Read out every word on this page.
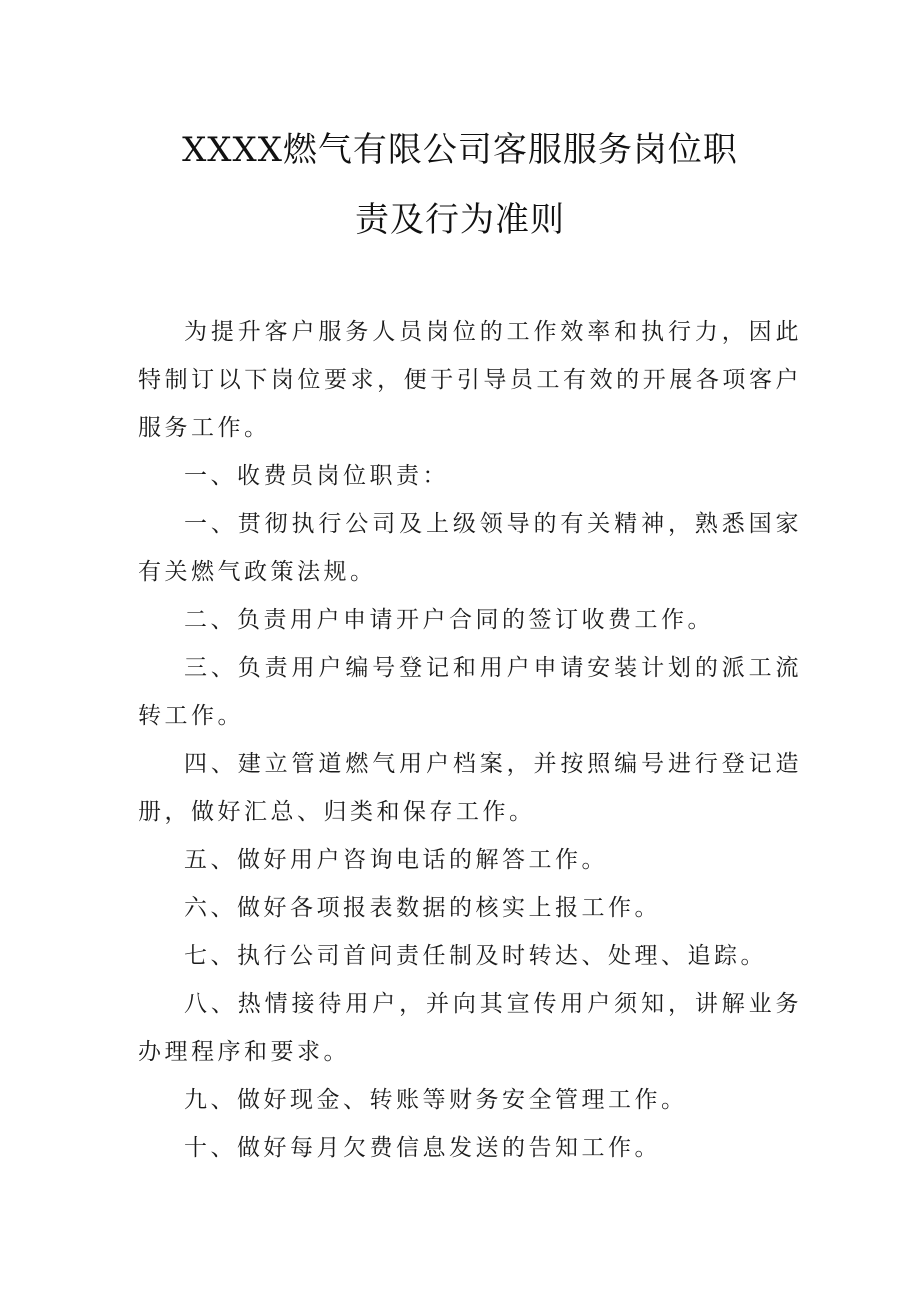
XXXX燃气有限公司客服服务岗位职
责及行为准则

为提升客户服务人员岗位的工作效率和执行力，因此特制订以下岗位要求，便于引导员工有效的开展各项客户服务工作。

一、收费员岗位职责：

一、贯彻执行公司及上级领导的有关精神，熟悉国家有关燃气政策法规。

二、负责用户申请开户合同的签订收费工作。

三、负责用户编号登记和用户申请安装计划的派工流转工作。

四、建立管道燃气用户档案，并按照编号进行登记造册，做好汇总、归类和保存工作。

五、做好用户咨询电话的解答工作。

六、做好各项报表数据的核实上报工作。

七、执行公司首问责任制及时转达、处理、追踪。

八、热情接待用户，并向其宣传用户须知，讲解业务办理程序和要求。

九、做好现金、转账等财务安全管理工作。

十、做好每月欠费信息发送的告知工作。
